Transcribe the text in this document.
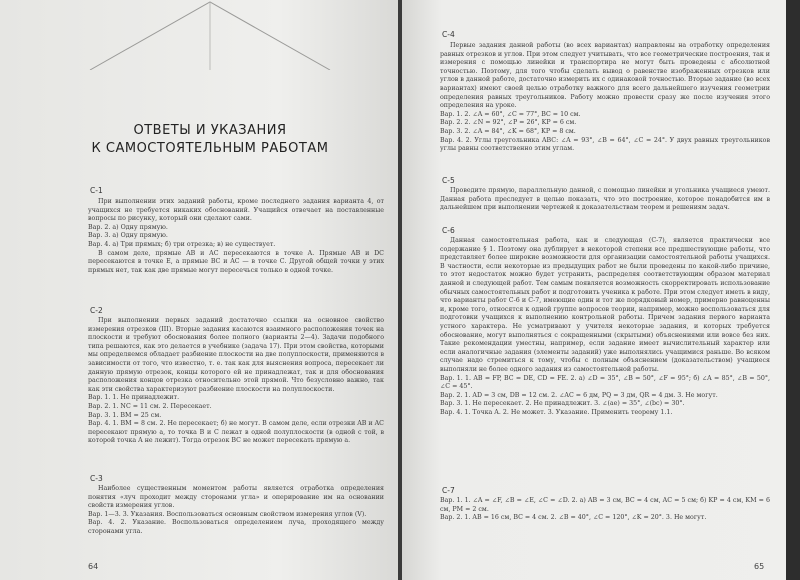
ОТВЕТЫ И УКАЗАНИЯ
К САМОСТОЯТЕЛЬНЫМ РАБОТАМ
С-1

При выполнении этих заданий работы, кроме последнего задания варианта 4, от учащихся не требуется никаких обоснований. Учащийся отвечает на поставленные вопросы по рисунку, который они сделают сами.

Вар. 2. а) Одну прямую.

Вар. 3. а) Одну прямую.

Вар. 4. а) Три прямых; б) три отрезка; в) не существует.

В самом деле, прямые AB и AC пересекаются в точке A. Прямые AB и DC пересекаются в точке E, а прямые BC и AC — в точке C. Другой общей точки у этих прямых нет, так как две прямые могут пересечься только в одной точке.

С-2

При выполнении первых заданий достаточно ссылки на основное свойство измерения отрезков (III). Вторые задания касаются взаимного расположения точек на плоскости и требуют обоснования более полного (варианты 2—4). Задачи подобного типа решаются, как это делается в учебнике (задача 17). При этом свойства, которыми мы определяемся обладает разбиение плоскости на две полуплоскости, применяются в зависимости от того, что известно, т. е. так как для выяснения вопроса, пересекает ли данную прямую отрезок, концы которого ей не принадлежат, так и для обоснования расположения концов отрезка относительно этой прямой. Что безусловно важно, так как эти свойства характеризуют разбиение плоскости на полуплоскости.

Вар. 1. 1. Не принадлежит.

Вар. 2. 1. NC = 11 см. 2. Пересекает.

Вар. 3. 1. BM = 25 см.

Вар. 4. 1. BM = 8 см. 2. Не пересекает; б) не могут. В самом деле, если отрезки AB и AC пересекают прямую a, то точка B и C лежат в одной полуплоскости (в одной с той, в которой точка A не лежит). Тогда отрезок BC не может пересекать прямую a.

С-3

Наиболее существенным моментом работы является отработка определения понятия «луч проходит между сторонами угла» и оперирование им на основании свойств измерения углов.

Вар. 1—3. 3. Указания. Воспользоваться основным свойством измерения углов (V).

Вар. 4. 2. Указание. Воспользоваться определением луча, проходящего между сторонами угла.

64
С-4

Первые задания данной работы (во всех вариантах) направлены на отработку определения равных отрезков и углов. При этом следует учитывать, что все геометрические построения, так и измерения с помощью линейки и транспортира не могут быть проведены с абсолютной точностью. Поэтому, для того чтобы сделать вывод о равенстве изображенных отрезков или углов в данной работе, достаточно измерить их с одинаковой точностью. Вторые задание (во всех вариантах) имеют своей целью отработку важного для всего дальнейшего изучения геометрии определения равных треугольников. Работу можно провести сразу же после изучения этого определения на уроке.

Вар. 1. 2. ∠A = 60°, ∠C = 77°, BC = 10 см.

Вар. 2. 2. ∠N = 92°, ∠P = 26°, KP = 6 см.

Вар. 3. 2. ∠A = 84°, ∠K = 68°, KP = 8 см.

Вар. 4. 2. Углы треугольника ABC: ∠A = 93°, ∠B = 64°, ∠C = 24°. У двух равных треугольников углы равны соответственно этим углам.

С-5

Проведите прямую, параллельную данной, с помощью линейки и угольника учащиеся умеют. Данная работа преследует в целью показать, что это построение, которое понадобится им в дальнейшем при выполнении чертежей к доказательствам теорем и решениям задач.

С-6

Данная самостоятельная работа, как и следующая (С-7), является практически все содержание § 1. Поэтому она дублирует в некоторой степени все предшествующие работы, что представляет более широкие возможности для организации самостоятельной работы учащихся. В частности, если некоторые из предыдущих работ не были проведены по какой-либо причине, то этот недостаток можно будет устранить, распределяя соответствующим образом материал данной и следующей работ. Тем самым появляется возможность скорректировать использование обычных самостоятельных работ и подготовить ученика к работе. При этом следует иметь в виду, что варианты работ С-6 и С-7, имеющие один и тот же порядковый номер, примерно равноценны и, кроме того, относятся к одной группе вопросов теории, например, можно воспользоваться для подготовки учащихся к выполнению контрольной работы. Причем задания первого варианта устного характера. Не усматривают у учителя некоторые задания, и которых требуется обоснование, могут выполняться с сокращенными (скрытыми) объяснениями или вовсе без них. Такие рекомендации уместны, например, если задание имеет вычислительный характер или если аналогичные задания (элементы заданий) уже выполнялись учащимися раньше. Во всяком случае надо стремиться к тому, чтобы с полным объяснением (доказательством) учащиеся выполняли не более одного задания из самостоятельной работы.

Вар. 1. 1. AB = FP, BC = DE, CD = FE. 2. а) ∠D = 35°, ∠B = 50°, ∠F = 95°; б) ∠A = 85°, ∠B = 50°, ∠C = 45°.

Вар. 2. 1. AD = 3 см, DB = 12 см. 2. ∠AC = 6 дм, PQ = 3 дм, QR = 4 дм. 3. Не могут.

Вар. 3. 1. Не пересекает. 2. Не принадлежит. 3. ∠(ae) = 35°, ∠(bc) = 30°.

Вар. 4. 1. Точка A. 2. Не может. 3. Указание. Применить теорему 1.1.

С-7

Вар. 1. 1. ∠A = ∠F, ∠B = ∠E, ∠C = ∠D. 2. а) AB = 3 см, BC = 4 см, AC = 5 см; б) KP = 4 см, KM = 6 см, PM = 2 см.

Вар. 2. 1. AB = 16 см, BC = 4 см. 2. ∠B = 40°, ∠C = 120°, ∠K = 20°. 3. Не могут.

65
